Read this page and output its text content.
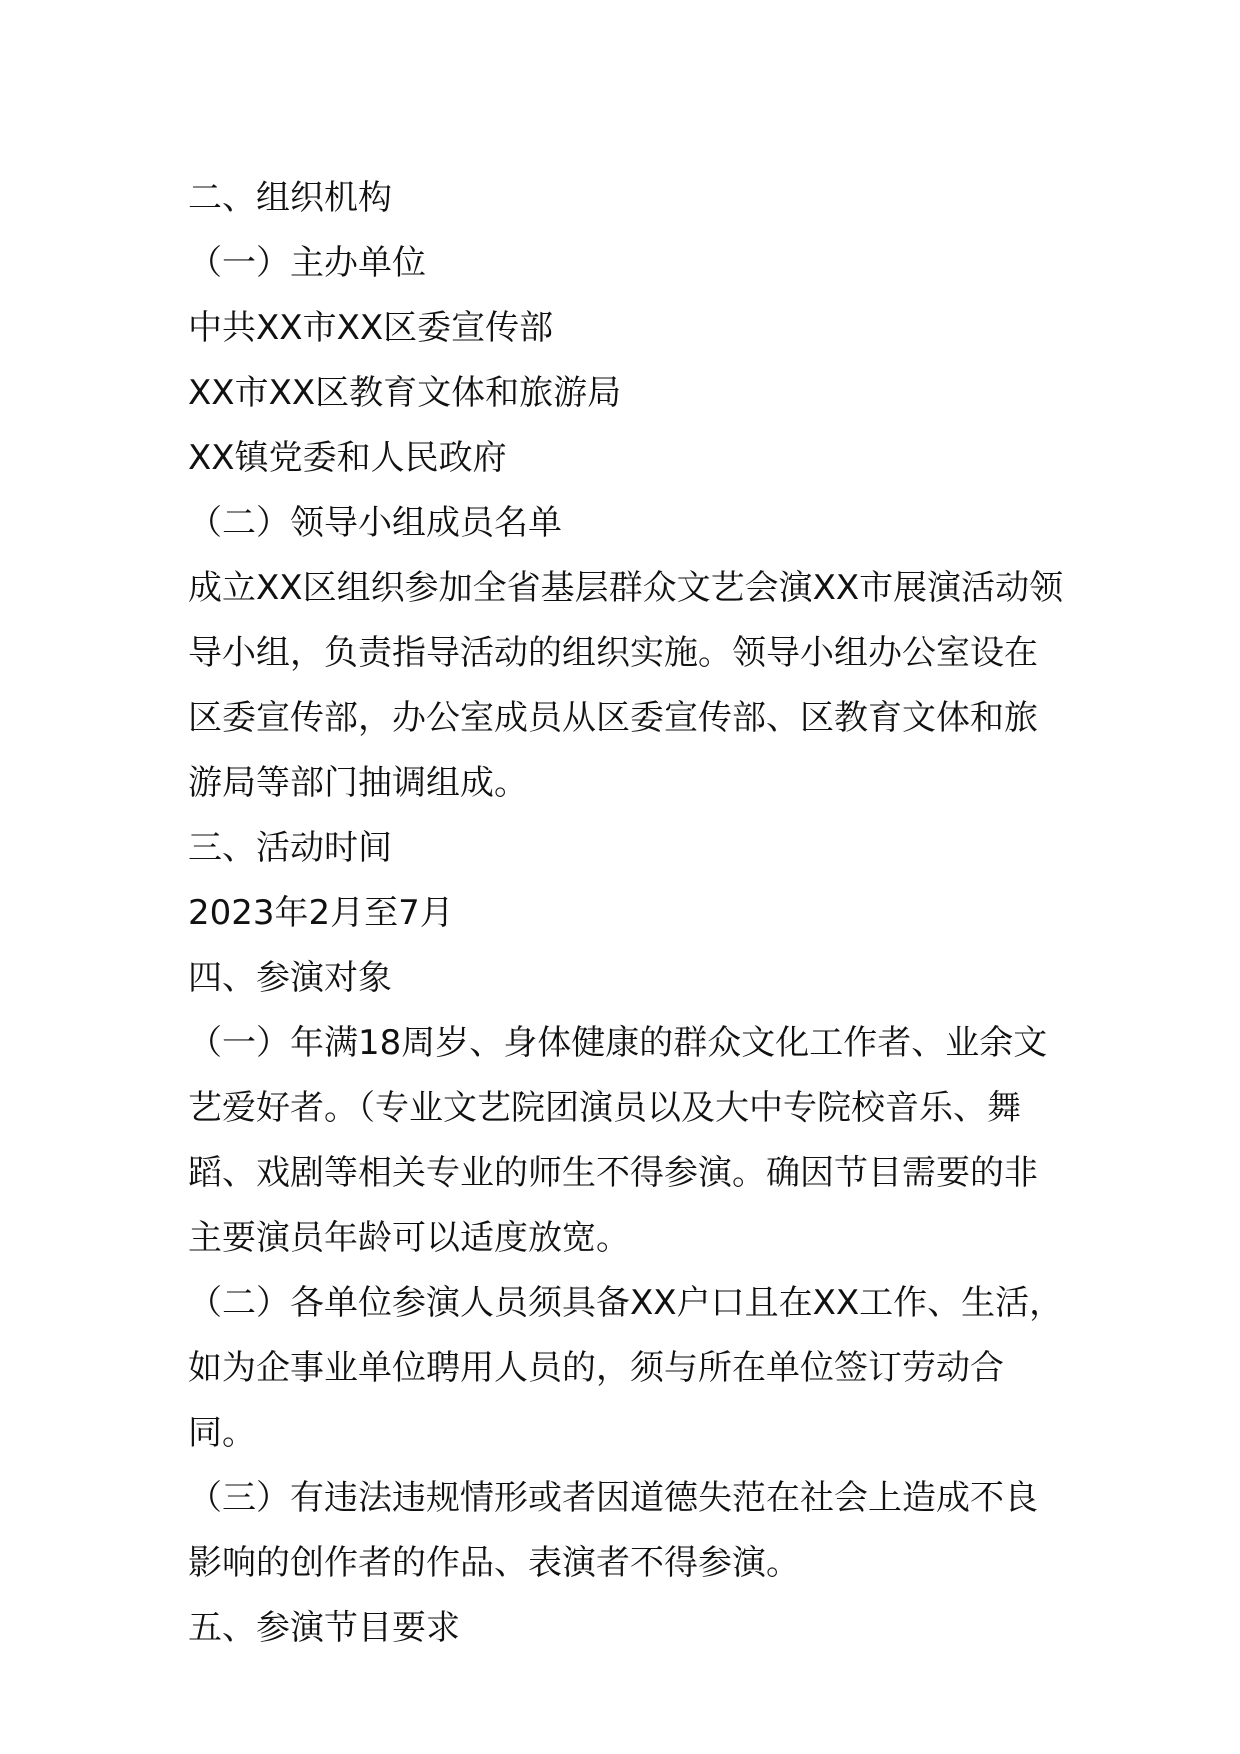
二、组织机构

（一）主办单位

中共XX市XX区委宣传部

XX市XX区教育文体和旅游局

XX镇党委和人民政府

（二）领导小组成员名单

成立XX区组织参加全省基层群众文艺会演XX市展演活动领

导小组，负责指导活动的组织实施。领导小组办公室设在

区委宣传部，办公室成员从区委宣传部、区教育文体和旅

游局等部门抽调组成。

三、活动时间

2023年2月至7月

四、参演对象

（一）年满18周岁、身体健康的群众文化工作者、业余文

艺爱好者。（专业文艺院团演员以及大中专院校音乐、舞

蹈、戏剧等相关专业的师生不得参演。确因节目需要的非

主要演员年龄可以适度放宽。

（二）各单位参演人员须具备XX户口且在XX工作、生活，

如为企事业单位聘用人员的，须与所在单位签订劳动合同。

（三）有违法违规情形或者因道德失范在社会上造成不良

影响的创作者的作品、表演者不得参演。

五、参演节目要求
